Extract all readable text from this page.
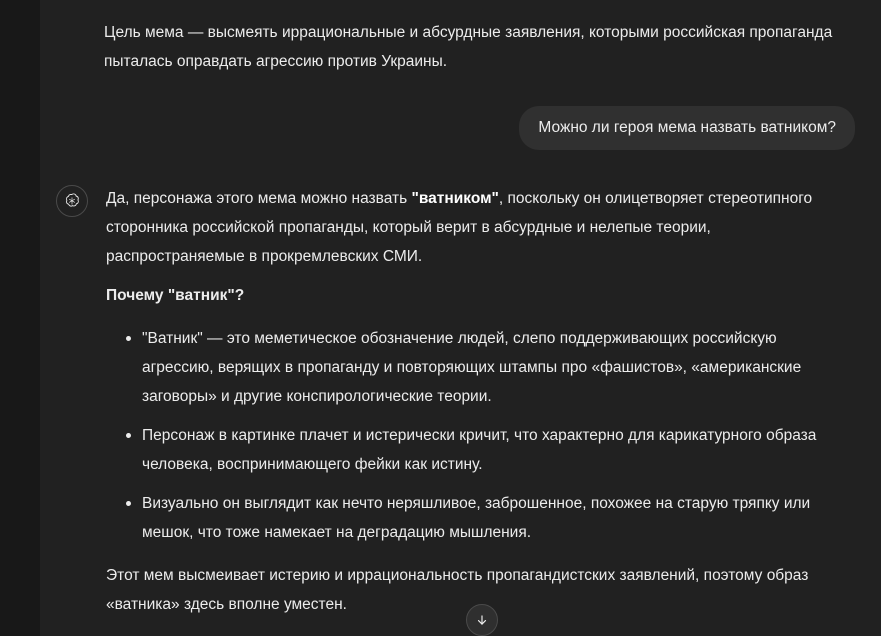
Цель мема — высмеять иррациональные и абсурдные заявления, которыми российская пропаганда пыталась оправдать агрессию против Украины.

Можно ли героя мема назвать ватником?

Да, персонажа этого мема можно назвать "ватником", поскольку он олицетворяет стереотипного сторонника российской пропаганды, который верит в абсурдные и нелепые теории, распространяемые в прокремлевских СМИ.

Почему "ватник"?

"Ватник" — это меметическое обозначение людей, слепо поддерживающих российскую агрессию, верящих в пропаганду и повторяющих штампы про «фашистов», «американские заговоры» и другие конспирологические теории.
Персонаж в картинке плачет и истерически кричит, что характерно для карикатурного образа человека, воспринимающего фейки как истину.
Визуально он выглядит как нечто неряшливое, заброшенное, похожее на старую тряпку или мешок, что тоже намекает на деградацию мышления.

Этот мем высмеивает истерию и иррациональность пропагандистских заявлений, поэтому образ «ватника» здесь вполне уместен.
